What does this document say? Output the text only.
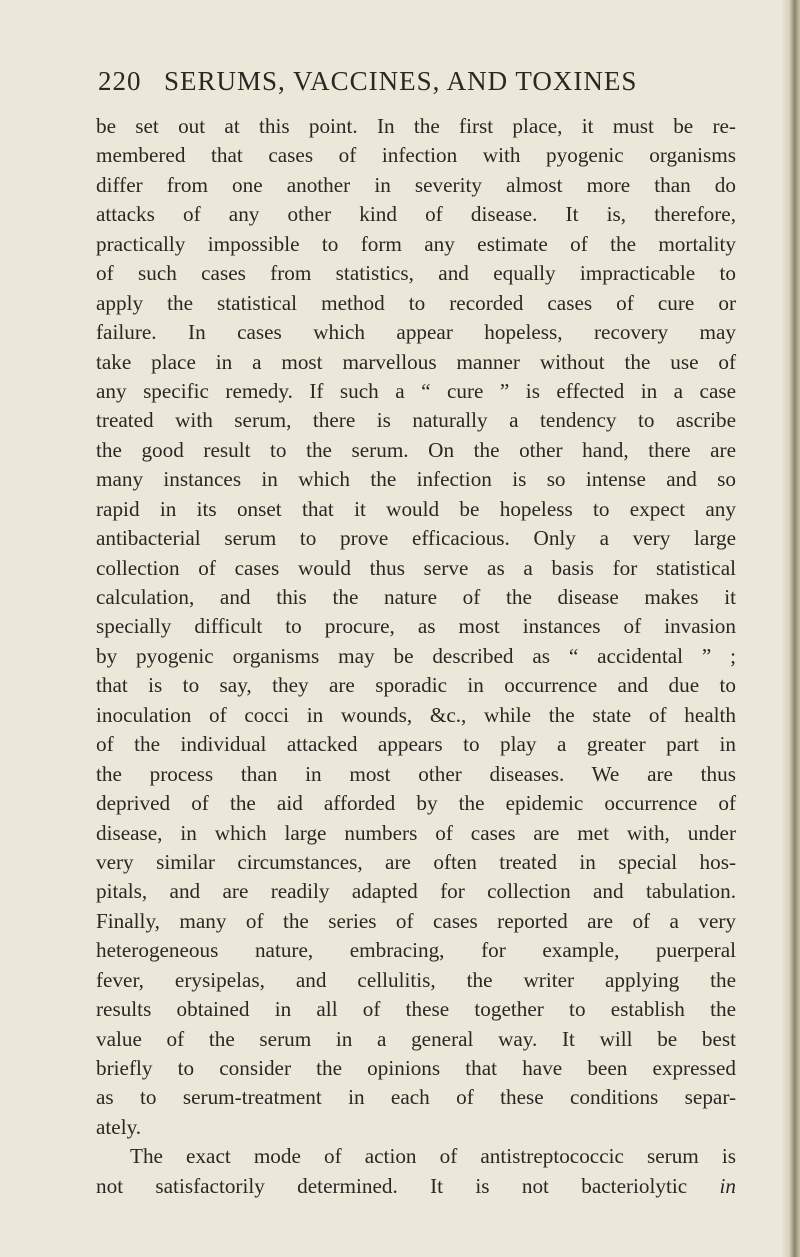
220 SERUMS, VACCINES, AND TOXINES
be set out at this point. In the first place, it must be re-
membered that cases of infection with pyogenic organisms
differ from one another in severity almost more than do
attacks of any other kind of disease. It is, therefore,
practically impossible to form any estimate of the mortality
of such cases from statistics, and equally impracticable to
apply the statistical method to recorded cases of cure or
failure. In cases which appear hopeless, recovery may
take place in a most marvellous manner without the use of
any specific remedy. If such a “ cure ” is effected in a case
treated with serum, there is naturally a tendency to ascribe
the good result to the serum. On the other hand, there are
many instances in which the infection is so intense and so
rapid in its onset that it would be hopeless to expect any
antibacterial serum to prove efficacious. Only a very large
collection of cases would thus serve as a basis for statistical
calculation, and this the nature of the disease makes it
specially difficult to procure, as most instances of invasion
by pyogenic organisms may be described as “ accidental ” ;
that is to say, they are sporadic in occurrence and due to
inoculation of cocci in wounds, &c., while the state of health
of the individual attacked appears to play a greater part in
the process than in most other diseases. We are thus
deprived of the aid afforded by the epidemic occurrence of
disease, in which large numbers of cases are met with, under
very similar circumstances, are often treated in special hos-
pitals, and are readily adapted for collection and tabulation.
Finally, many of the series of cases reported are of a very
heterogeneous nature, embracing, for example, puerperal
fever, erysipelas, and cellulitis, the writer applying the
results obtained in all of these together to establish the
value of the serum in a general way. It will be best
briefly to consider the opinions that have been expressed
as to serum-treatment in each of these conditions separ-
ately.
The exact mode of action of antistreptococcic serum is
not satisfactorily determined. It is not bacteriolytic in
